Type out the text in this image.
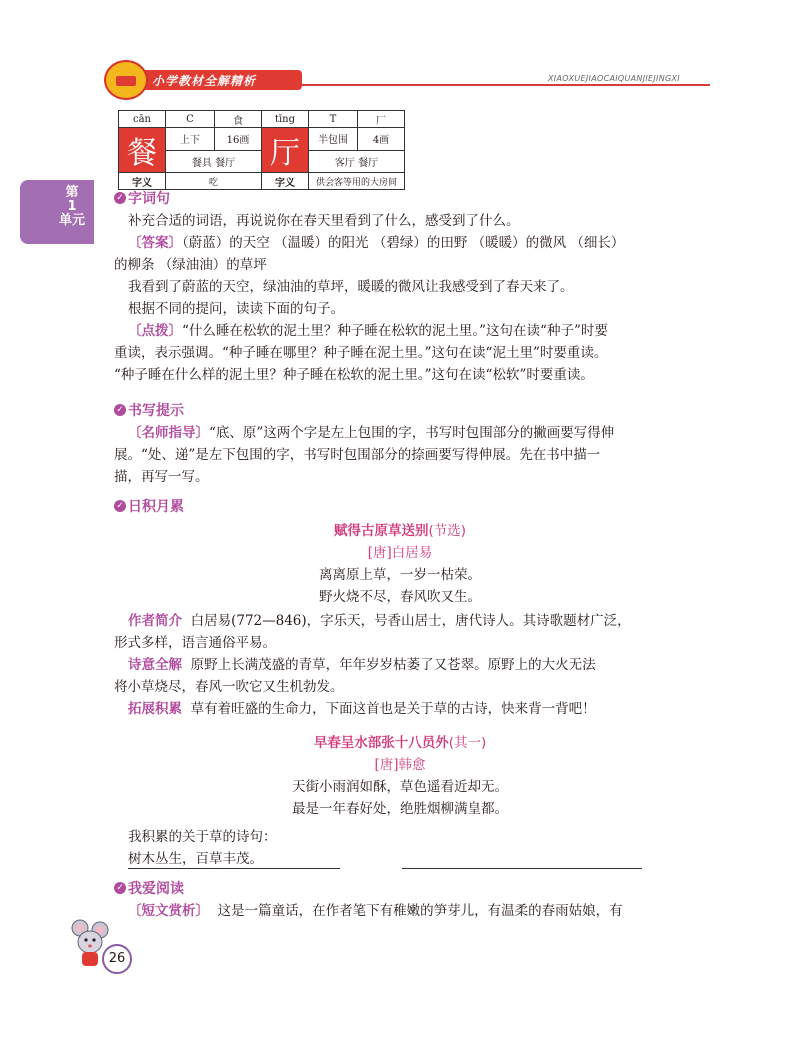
小学教材全解精析	XIAOXUEJIAOCAIQUANJIEJINGXI
第
1
单元
cān	C	食	tīng	T	厂
餐	上下	16画	厅	半包围	4画
	餐具 餐厅			客厅 餐厅	
字义	吃		字义	供会客等用的大房间	
✓ 字词句
补充合适的词语，再说说你在春天里看到了什么，感受到了什么。
〔答案〕（蔚蓝）的天空 （温暖）的阳光 （碧绿）的田野 （暖暖）的微风 （细长）
的柳条 （绿油油）的草坪
我看到了蔚蓝的天空，绿油油的草坪，暖暖的微风让我感受到了春天来了。
根据不同的提问，读读下面的句子。
〔点拨〕“什么睡在松软的泥土里？种子睡在松软的泥土里。”这句在读“种子”时要
重读，表示强调。“种子睡在哪里？种子睡在泥土里。”这句在读“泥土里”时要重读。
“种子睡在什么样的泥土里？种子睡在松软的泥土里。”这句在读“松软”时要重读。
✓ 书写提示
〔名师指导〕“底、原”这两个字是左上包围的字，书写时包围部分的撇画要写得伸
展。“处、递”是左下包围的字，书写时包围部分的捺画要写得伸展。先在书中描一
描，再写一写。
✓ 日积月累
赋得古原草送别(节选)
[唐]白居易
离离原上草，一岁一枯荣。
野火烧不尽，春风吹又生。
作者简介 白居易(772—846)，字乐天，号香山居士，唐代诗人。其诗歌题材广泛，
形式多样，语言通俗平易。
诗意全解 原野上长满茂盛的青草，年年岁岁枯萎了又苍翠。原野上的大火无法
将小草烧尽，春风一吹它又生机勃发。
拓展积累 草有着旺盛的生命力，下面这首也是关于草的古诗，快来背一背吧！
早春呈水部张十八员外(其一)
[唐]韩愈
天街小雨润如酥，草色遥看近却无。
最是一年春好处，绝胜烟柳满皇都。
我积累的关于草的诗句：
树木丛生，百草丰茂。
✓ 我爱阅读
〔短文赏析〕 这是一篇童话，在作者笔下有稚嫩的笋芽儿，有温柔的春雨姑娘，有
26
